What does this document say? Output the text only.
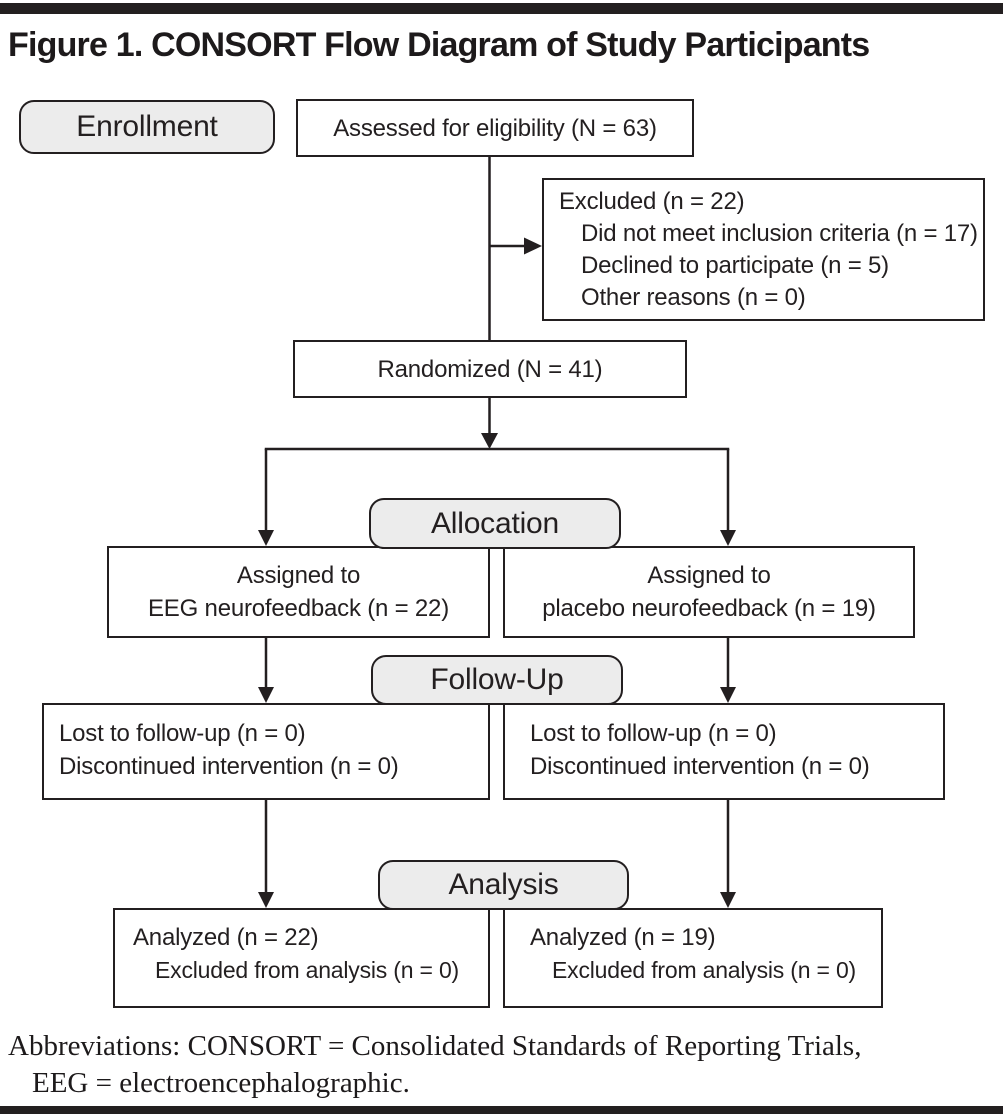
Figure 1. CONSORT Flow Diagram of Study Participants
Enrollment
Allocation
Follow-Up
Analysis
Assessed for eligibility (N = 63)
Excluded (n = 22)
Did not meet inclusion criteria (n = 17)
Declined to participate (n = 5)
Other reasons (n = 0)
Randomized (N = 41)
Assigned to
EEG neurofeedback (n = 22)
Assigned to
placebo neurofeedback (n = 19)
Lost to follow-up (n = 0)
Discontinued intervention (n = 0)
Lost to follow-up (n = 0)
Discontinued intervention (n = 0)
Analyzed (n = 22)
Excluded from analysis (n = 0)
Analyzed (n = 19)
Excluded from analysis (n = 0)
Abbreviations: CONSORT = Consolidated Standards of Reporting Trials,
EEG = electroencephalographic.
